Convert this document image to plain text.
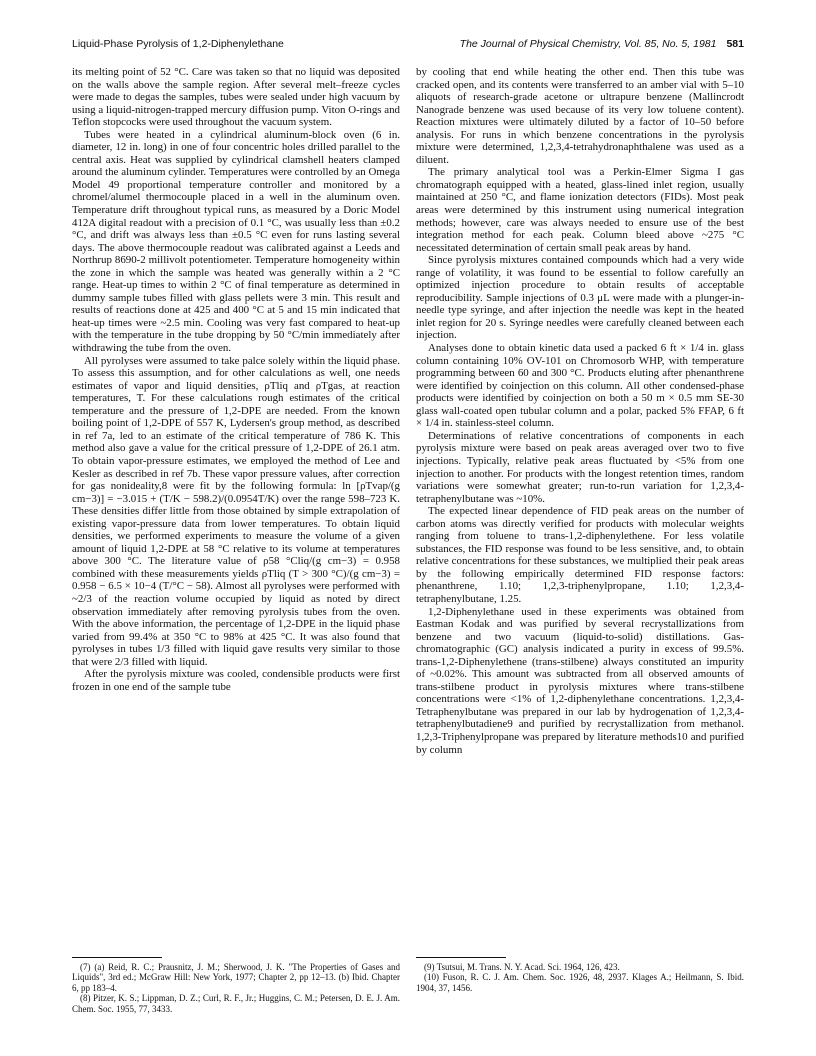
Liquid-Phase Pyrolysis of 1,2-Diphenylethane	The Journal of Physical Chemistry, Vol. 85, No. 5, 1981 581

its melting point of 52 °C. Care was taken so that no liquid was deposited on the walls above the sample region. After several melt–freeze cycles were made to degas the samples, tubes were sealed under high vacuum by using a liquid-nitrogen-trapped mercury diffusion pump. Viton O-rings and Teflon stopcocks were used throughout the vacuum system.

Tubes were heated in a cylindrical aluminum-block oven (6 in. diameter, 12 in. long) in one of four concentric holes drilled parallel to the central axis. Heat was supplied by cylindrical clamshell heaters clamped around the aluminum cylinder. Temperatures were controlled by an Omega Model 49 proportional temperature controller and monitored by a chromel/alumel thermocouple placed in a well in the aluminum oven. Temperature drift throughout typical runs, as measured by a Doric Model 412A digital readout with a precision of 0.1 °C, was usually less than ±0.2 °C, and drift was always less than ±0.5 °C even for runs lasting several days. The above thermocouple readout was calibrated against a Leeds and Northrup 8690-2 millivolt potentiometer. Temperature homogeneity within the zone in which the sample was heated was generally within a 2 °C range. Heat-up times to within 2 °C of final temperature as determined in dummy sample tubes filled with glass pellets were 3 min. This result and results of reactions done at 425 and 400 °C at 5 and 15 min indicated that heat-up times were ~2.5 min. Cooling was very fast compared to heat-up with the temperature in the tube dropping by 50 °C/min immediately after withdrawing the tube from the oven.

All pyrolyses were assumed to take palce solely within the liquid phase. To assess this assumption, and for other calculations as well, one needs estimates of vapor and liquid densities, ρTliq and ρTgas, at reaction temperatures, T. For these calculations rough estimates of the critical temperature and the pressure of 1,2-DPE are needed. From the known boiling point of 1,2-DPE of 557 K, Lydersen's group method, as described in ref 7a, led to an estimate of the critical temperature of 786 K. This method also gave a value for the critical pressure of 1,2-DPE of 26.1 atm. To obtain vapor-pressure estimates, we employed the method of Lee and Kesler as described in ref 7b. These vapor pressure values, after correction for gas nonideality,8 were fit by the following formula: ln [ρTvap/(g cm−3)] = −3.015 + (T/K − 598.2)/(0.0954T/K) over the range 598–723 K. These densities differ little from those obtained by simple extrapolation of existing vapor-pressure data from lower temperatures. To obtain liquid densities, we performed experiments to measure the volume of a given amount of liquid 1,2-DPE at 58 °C relative to its volume at temperatures above 300 °C. The literature value of ρ58 °Cliq/(g cm−3) = 0.958 combined with these measurements yields ρTliq (T > 300 °C)/(g cm−3) = 0.958 − 6.5 × 10−4 (T/°C − 58). Almost all pyrolyses were performed with ~2/3 of the reaction volume occupied by liquid as noted by direct observation immediately after removing pyrolysis tubes from the oven. With the above information, the percentage of 1,2-DPE in the liquid phase varied from 99.4% at 350 °C to 98% at 425 °C. It was also found that pyrolyses in tubes 1/3 filled with liquid gave results very similar to those that were 2/3 filled with liquid.

After the pyrolysis mixture was cooled, condensible products were first frozen in one end of the sample tube

by cooling that end while heating the other end. Then this tube was cracked open, and its contents were transferred to an amber vial with 5–10 aliquots of research-grade acetone or ultrapure benzene (Mallincrodt Nanograde benzene was used because of its very low toluene content). Reaction mixtures were ultimately diluted by a factor of 10–50 before analysis. For runs in which benzene concentrations in the pyrolysis mixture were determined, 1,2,3,4-tetrahydronaphthalene was used as a diluent.

The primary analytical tool was a Perkin-Elmer Sigma I gas chromatograph equipped with a heated, glass-lined inlet region, usually maintained at 250 °C, and flame ionization detectors (FIDs). Most peak areas were determined by this instrument using numerical integration methods; however, care was always needed to ensure use of the best integration method for each peak. Column bleed above ~275 °C necessitated determination of certain small peak areas by hand.

Since pyrolysis mixtures contained compounds which had a very wide range of volatility, it was found to be essential to follow carefully an optimized injection procedure to obtain results of acceptable reproducibility. Sample injections of 0.3 μL were made with a plunger-in-needle type syringe, and after injection the needle was kept in the heated inlet region for 20 s. Syringe needles were carefully cleaned between each injection.

Analyses done to obtain kinetic data used a packed 6 ft × 1/4 in. glass column containing 10% OV-101 on Chromosorb WHP, with temperature programming between 60 and 300 °C. Products eluting after phenanthrene were identified by coinjection on this column. All other condensed-phase products were identified by coinjection on both a 50 m × 0.5 mm SE-30 glass wall-coated open tubular column and a polar, packed 5% FFAP, 6 ft × 1/4 in. stainless-steel column.

Determinations of relative concentrations of components in each pyrolysis mixture were based on peak areas averaged over two to five injections. Typically, relative peak areas fluctuated by <5% from one injection to another. For products with the longest retention times, random variations were somewhat greater; run-to-run variation for 1,2,3,4-tetraphenylbutane was ~10%.

The expected linear dependence of FID peak areas on the number of carbon atoms was directly verified for products with molecular weights ranging from toluene to trans-1,2-diphenylethene. For less volatile substances, the FID response was found to be less sensitive, and, to obtain relative concentrations for these substances, we multiplied their peak areas by the following empirically determined FID response factors: phenanthrene, 1.10; 1,2,3-triphenylpropane, 1.10; 1,2,3,4-tetraphenylbutane, 1.25.

1,2-Diphenylethane used in these experiments was obtained from Eastman Kodak and was purified by several recrystallizations from benzene and two vacuum (liquid-to-solid) distillations. Gas-chromatographic (GC) analysis indicated a purity in excess of 99.5%. trans-1,2-Diphenylethene (trans-stilbene) always constituted an impurity of ~0.02%. This amount was subtracted from all observed amounts of trans-stilbene product in pyrolysis mixtures where trans-stilbene concentrations were <1% of 1,2-diphenylethane concentrations. 1,2,3,4-Tetraphenylbutane was prepared in our lab by hydrogenation of 1,2,3,4-tetraphenylbutadiene9 and purified by recrystallization from methanol. 1,2,3-Triphenylpropane was prepared by literature methods10 and purified by column

(7) (a) Reid, R. C.; Prausnitz, J. M.; Sherwood, J. K. "The Properties of Gases and Liquids", 3rd ed.; McGraw Hill: New York, 1977; Chapter 2, pp 12–13. (b) Ibid. Chapter 6, pp 183–4.

(8) Pitzer, K. S.; Lippman, D. Z.; Curl, R. F., Jr.; Huggins, C. M.; Petersen, D. E. J. Am. Chem. Soc. 1955, 77, 3433.

(9) Tsutsui, M. Trans. N. Y. Acad. Sci. 1964, 126, 423.

(10) Fuson, R. C. J. Am. Chem. Soc. 1926, 48, 2937. Klages A.; Heilmann, S. Ibid. 1904, 37, 1456.
